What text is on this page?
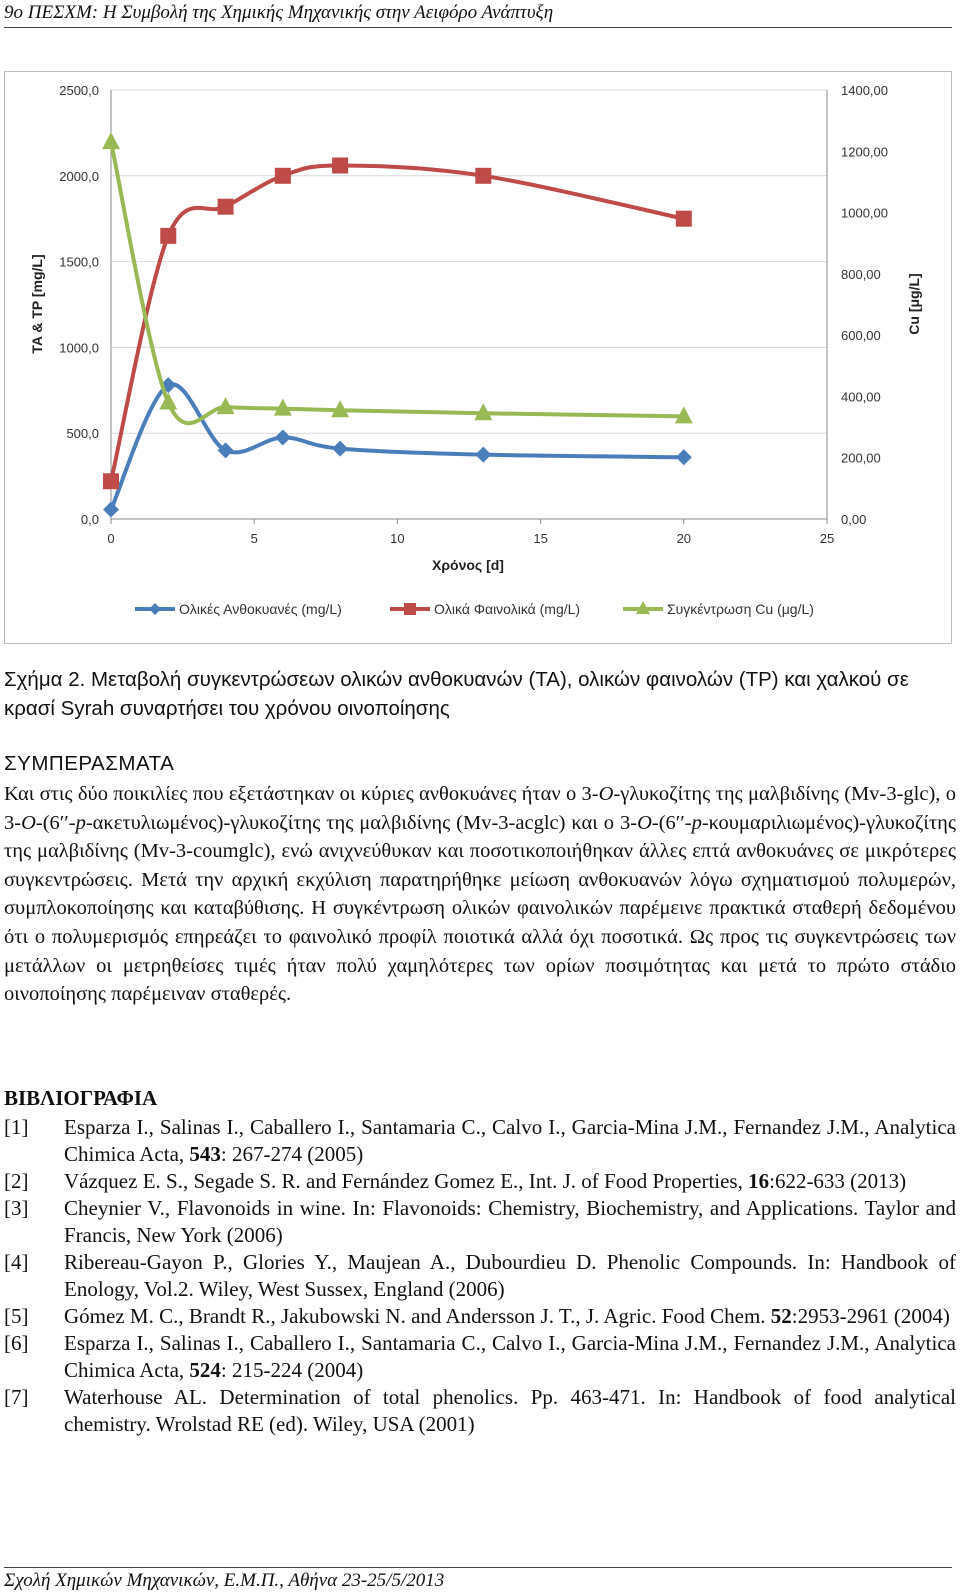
9ο ΠΕΣΧΜ: Η Συμβολή της Χημικής Μηχανικής στην Αειφόρο Ανάπτυξη
0,0
500,0
1000,0
1500,0
2000,0
2500,0
0,00
200,00
400,00
600,00
800,00
1000,00
1200,00
1400,00
0	5	10	15	20	25
Χρόνος [d]
TA & TP [mg/L]	Cu [μg/L]
Ολικές Ανθοκυανές (mg/L)	Ολικά Φαινολικά (mg/L)	Συγκέντρωση Cu (μg/L)
Σχήμα 2. Μεταβολή συγκεντρώσεων ολικών ανθοκυανών (ΤΑ), ολικών φαινολών (TP) και χαλκού σε κρασί Syrah συναρτήσει του χρόνου οινοποίησης
ΣΥΜΠΕΡΑΣΜΑΤΑ

Και στις δύο ποικιλίες που εξετάστηκαν οι κύριες ανθοκυάνες ήταν ο 3-O-γλυκοζίτης της μαλβιδίνης (Mv-3-glc), ο 3-O-(6′′-p-ακετυλιωμένος)-γλυκοζίτης της μαλβιδίνης (Mv-3-acglc) και ο 3-O-(6′′-p-κουμαριλιωμένος)-γλυκοζίτης της μαλβιδίνης (Mv-3-coumglc), ενώ ανιχνεύθυκαν και ποσοτικοποιήθηκαν άλλες επτά ανθοκυάνες σε μικρότερες συγκεντρώσεις. Μετά την αρχική εκχύλιση παρατηρήθηκε μείωση ανθοκυανών λόγω σχηματισμού πολυμερών, συμπλοκοποίησης και καταβύθισης. Η συγκέντρωση ολικών φαινολικών παρέμεινε πρακτικά σταθερή δεδομένου ότι ο πολυμερισμός επηρεάζει το φαινολικό προφίλ ποιοτικά αλλά όχι ποσοτικά. Ως προς τις συγκεντρώσεις των μετάλλων οι μετρηθείσες τιμές ήταν πολύ χαμηλότερες των ορίων ποσιμότητας και μετά το πρώτο στάδιο οινοποίησης παρέμειναν σταθερές.

ΒΙΒΛΙΟΓΡΑΦΙΑ
[1]	Esparza I., Salinas I., Caballero I., Santamaria C., Calvo I., Garcia-Mina J.M., Fernandez J.M., Analytica Chimica Acta, 543: 267-274 (2005)
[2]	Vázquez E. S., Segade S. R. and Fernández Gomez E., Int. J. of Food Properties, 16:622-633 (2013)
[3]	Cheynier V., Flavonoids in wine. In: Flavonoids: Chemistry, Biochemistry, and Applications. Taylor and Francis, New York (2006)
[4]	Ribereau-Gayon P., Glories Y., Maujean A., Dubourdieu D. Phenolic Compounds. In: Handbook of Enology, Vol.2. Wiley, West Sussex, England (2006)
[5]	Gómez M. C., Brandt R., Jakubowski N. and Andersson J. T., J. Agric. Food Chem. 52:2953-2961 (2004)
[6]	Esparza I., Salinas I., Caballero I., Santamaria C., Calvo I., Garcia-Mina J.M., Fernandez J.M., Analytica Chimica Acta, 524: 215-224 (2004)
[7]	Waterhouse AL. Determination of total phenolics. Pp. 463-471. In: Handbook of food analytical chemistry. Wrolstad RE (ed). Wiley, USA (2001)
Σχολή Χημικών Μηχανικών, Ε.Μ.Π., Αθήνα 23-25/5/2013
